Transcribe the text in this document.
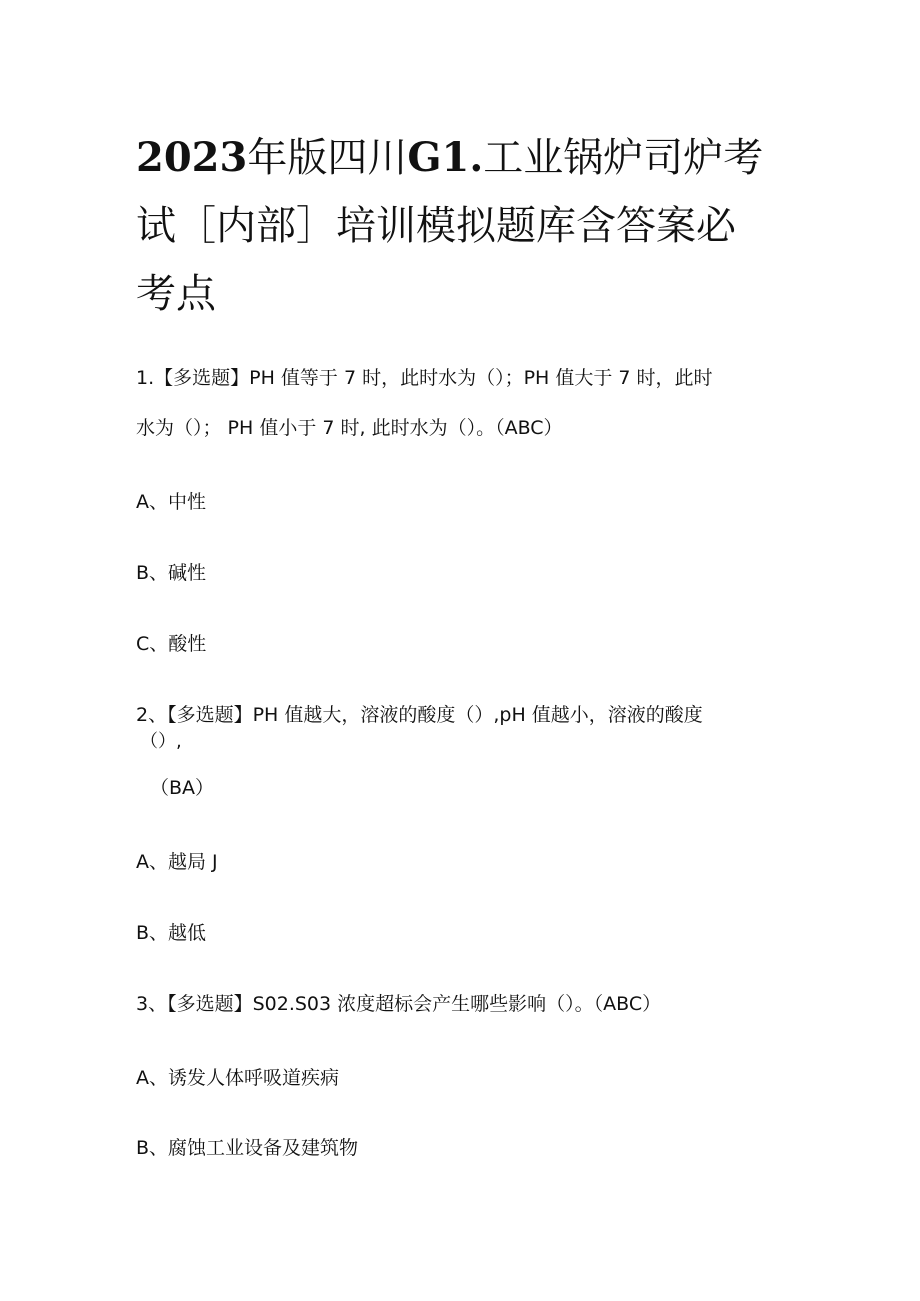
2023年版四川G1.工业锅炉司炉考
试［内部］培训模拟题库含答案必
考点

1.【多选题】PH 值等于 7 时，此时水为（）；PH 值大于 7 时，此时

水为（）； PH 值小于 7 时, 此时水为（）。（ABC）

A、中性

B、碱性

C、酸性

2、【多选题】PH 值越大，溶液的酸度（）,pH 值越小，溶液的酸度

（）,

（BA）

A、越局 J

B、越低

3、【多选题】S02.S03 浓度超标会产生哪些影响（）。（ABC）

A、诱发人体呼吸道疾病

B、腐蚀工业设备及建筑物
